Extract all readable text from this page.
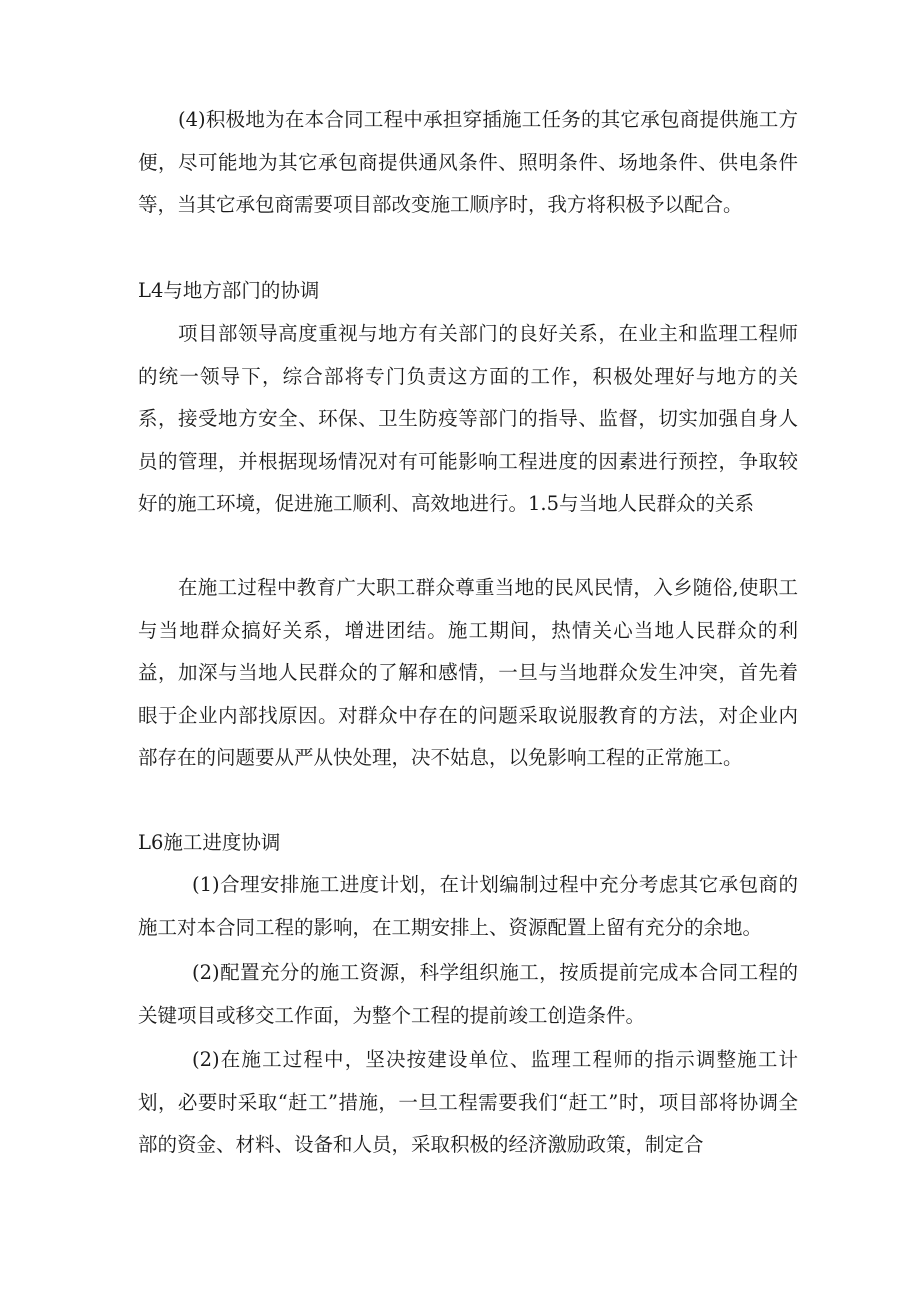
(4)积极地为在本合同工程中承担穿插施工任务的其它承包商提供施工方便，尽可能地为其它承包商提供通风条件、照明条件、场地条件、供电条件等，当其它承包商需要项目部改变施工顺序时，我方将积极予以配合。

L4与地方部门的协调

项目部领导高度重视与地方有关部门的良好关系，在业主和监理工程师的统一领导下，综合部将专门负责这方面的工作，积极处理好与地方的关系，接受地方安全、环保、卫生防疫等部门的指导、监督，切实加强自身人员的管理，并根据现场情况对有可能影响工程进度的因素进行预控，争取较好的施工环境，促进施工顺利、高效地进行。1.5与当地人民群众的关系

在施工过程中教育广大职工群众尊重当地的民风民情，入乡随俗,使职工与当地群众搞好关系，增进团结。施工期间，热情关心当地人民群众的利益，加深与当地人民群众的了解和感情，一旦与当地群众发生冲突，首先着眼于企业内部找原因。对群众中存在的问题采取说服教育的方法，对企业内部存在的问题要从严从快处理，决不姑息，以免影响工程的正常施工。

L6施工进度协调

(1)合理安排施工进度计划，在计划编制过程中充分考虑其它承包商的施工对本合同工程的影响，在工期安排上、资源配置上留有充分的余地。

(2)配置充分的施工资源，科学组织施工，按质提前完成本合同工程的关键项目或移交工作面，为整个工程的提前竣工创造条件。

(2)在施工过程中，坚决按建设单位、监理工程师的指示调整施工计划，必要时采取“赶工”措施，一旦工程需要我们“赶工”时，项目部将协调全部的资金、材料、设备和人员，采取积极的经济激励政策，制定合
